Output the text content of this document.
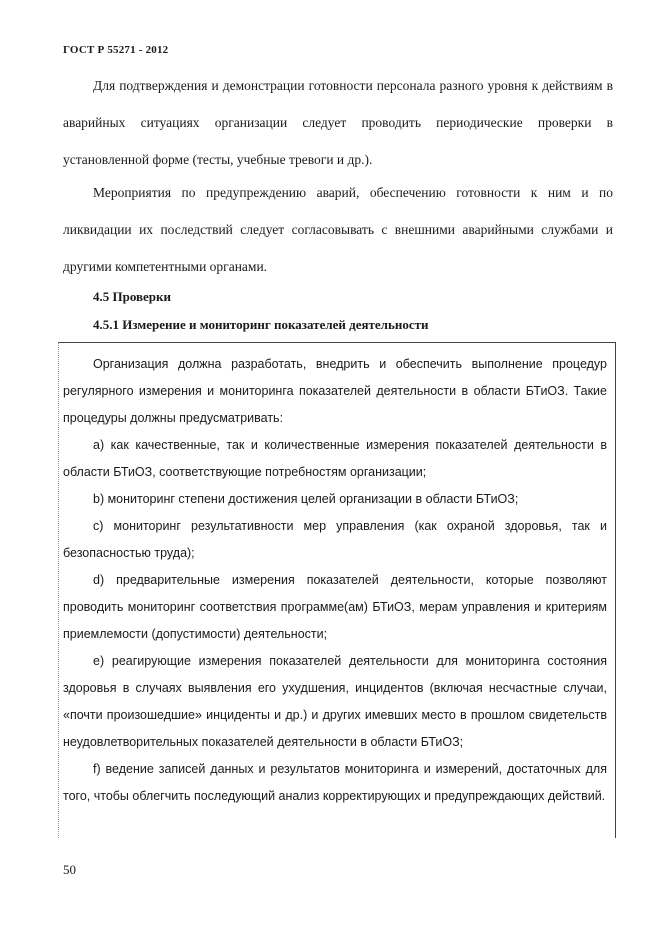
ГОСТ Р 55271 - 2012
Для подтверждения и демонстрации готовности персонала разного уровня к действиям в аварийных ситуациях организации следует проводить периодические проверки в установленной форме (тесты, учебные тревоги и др.).
Мероприятия по предупреждению аварий, обеспечению готовности к ним и по ликвидации их последствий следует согласовывать с внешними аварийными службами и другими компетентными органами.
4.5 Проверки
4.5.1 Измерение и мониторинг показателей деятельности
Организация должна разработать, внедрить и обеспечить выполнение процедур регулярного измерения и мониторинга показателей деятельности в области БТиОЗ. Такие процедуры должны предусматривать:
а) как качественные, так и количественные измерения показателей деятельности в области БТиОЗ, соответствующие потребностям организации;
b) мониторинг степени достижения целей организации в области БТиОЗ;
c) мониторинг результативности мер управления (как охраной здоровья, так и безопасностью труда);
d) предварительные измерения показателей деятельности, которые позволяют проводить мониторинг соответствия программе(ам) БТиОЗ, мерам управления и критериям приемлемости (допустимости) деятельности;
e) реагирующие измерения показателей деятельности для мониторинга состояния здоровья в случаях выявления его ухудшения, инцидентов (включая несчастные случаи, «почти произошедшие» инциденты и др.) и других имевших место в прошлом свидетельств неудовлетворительных показателей деятельности в области БТиОЗ;
f) ведение записей данных и результатов мониторинга и измерений, достаточных для того, чтобы облегчить последующий анализ корректирующих и предупреждающих действий.
50
